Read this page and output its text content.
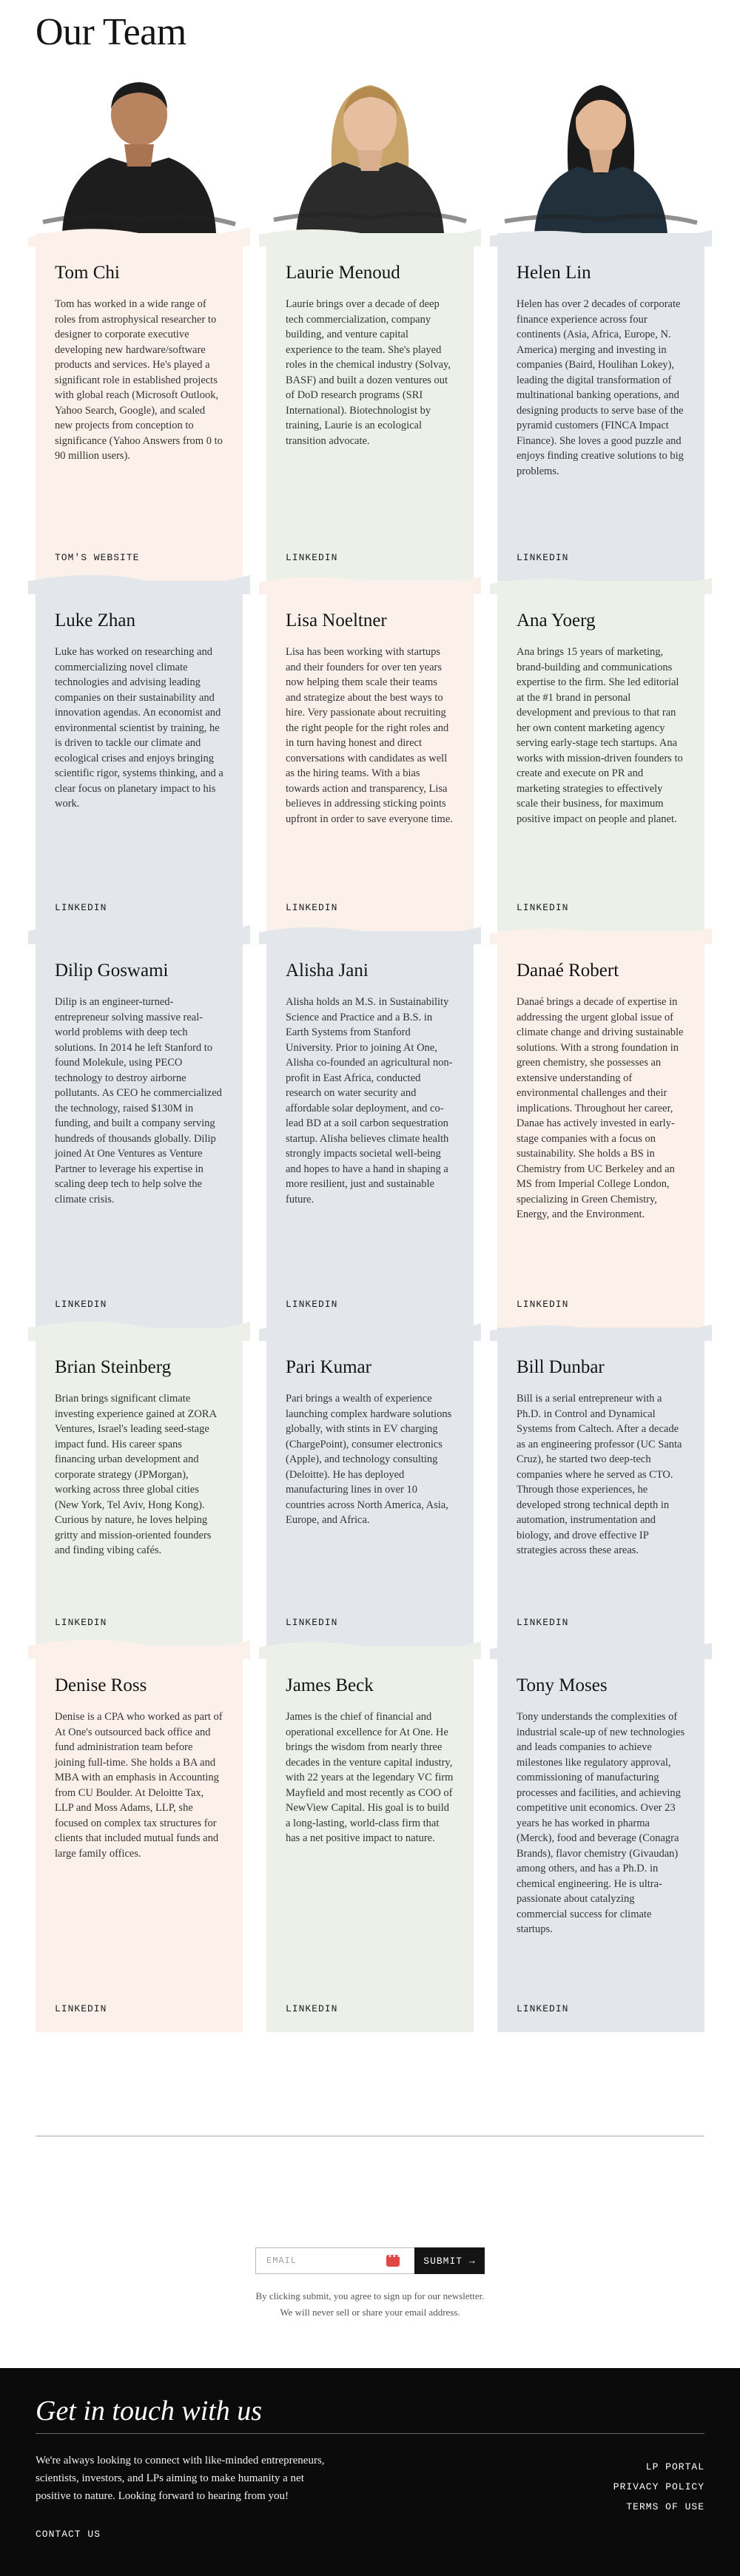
Our Team
Tom Chi
Tom has worked in a wide range of roles from astrophysical researcher to designer to corporate executive developing new hardware/software products and services. He's played a significant role in established projects with global reach (Microsoft Outlook, Yahoo Search, Google), and scaled new projects from conception to significance (Yahoo Answers from 0 to 90 million users).
TOM'S WEBSITE
Laurie Menoud
Laurie brings over a decade of deep tech commercialization, company building, and venture capital experience to the team. She's played roles in the chemical industry (Solvay, BASF) and built a dozen ventures out of DoD research programs (SRI International). Biotechnologist by training, Laurie is an ecological transition advocate.
LINKEDIN
Helen Lin
Helen has over 2 decades of corporate finance experience across four continents (Asia, Africa, Europe, N. America) merging and investing in companies (Baird, Houlihan Lokey), leading the digital transformation of multinational banking operations, and designing products to serve base of the pyramid customers (FINCA Impact Finance). She loves a good puzzle and enjoys finding creative solutions to big problems.
LINKEDIN
Luke Zhan
Luke has worked on researching and commercializing novel climate technologies and advising leading companies on their sustainability and innovation agendas. An economist and environmental scientist by training, he is driven to tackle our climate and ecological crises and enjoys bringing scientific rigor, systems thinking, and a clear focus on planetary impact to his work.
LINKEDIN
Lisa Noeltner
Lisa has been working with startups and their founders for over ten years now helping them scale their teams and strategize about the best ways to hire. Very passionate about recruiting the right people for the right roles and in turn having honest and direct conversations with candidates as well as the hiring teams. With a bias towards action and transparency, Lisa believes in addressing sticking points upfront in order to save everyone time.
LINKEDIN
Ana Yoerg
Ana brings 15 years of marketing, brand-building and communications expertise to the firm. She led editorial at the #1 brand in personal development and previous to that ran her own content marketing agency serving early-stage tech startups. Ana works with mission-driven founders to create and execute on PR and marketing strategies to effectively scale their business, for maximum positive impact on people and planet.
LINKEDIN
Dilip Goswami
Dilip is an engineer-turned-entrepreneur solving massive real-world problems with deep tech solutions. In 2014 he left Stanford to found Molekule, using PECO technology to destroy airborne pollutants. As CEO he commercialized the technology, raised $130M in funding, and built a company serving hundreds of thousands globally. Dilip joined At One Ventures as Venture Partner to leverage his expertise in scaling deep tech to help solve the climate crisis.
LINKEDIN
Alisha Jani
Alisha holds an M.S. in Sustainability Science and Practice and a B.S. in Earth Systems from Stanford University. Prior to joining At One, Alisha co-founded an agricultural non-profit in East Africa, conducted research on water security and affordable solar deployment, and co-lead BD at a soil carbon sequestration startup. Alisha believes climate health strongly impacts societal well-being and hopes to have a hand in shaping a more resilient, just and sustainable future.
LINKEDIN
Danaé Robert
Danaé brings a decade of expertise in addressing the urgent global issue of climate change and driving sustainable solutions. With a strong foundation in green chemistry, she possesses an extensive understanding of environmental challenges and their implications. Throughout her career, Danae has actively invested in early-stage companies with a focus on sustainability. She holds a BS in Chemistry from UC Berkeley and an MS from Imperial College London, specializing in Green Chemistry, Energy, and the Environment.
LINKEDIN
Brian Steinberg
Brian brings significant climate investing experience gained at ZORA Ventures, Israel's leading seed-stage impact fund. His career spans financing urban development and corporate strategy (JPMorgan), working across three global cities (New York, Tel Aviv, Hong Kong). Curious by nature, he loves helping gritty and mission-oriented founders and finding vibing cafés.
LINKEDIN
Pari Kumar
Pari brings a wealth of experience launching complex hardware solutions globally, with stints in EV charging (ChargePoint), consumer electronics (Apple), and technology consulting (Deloitte). He has deployed manufacturing lines in over 10 countries across North America, Asia, Europe, and Africa.
LINKEDIN
Bill Dunbar
Bill is a serial entrepreneur with a Ph.D. in Control and Dynamical Systems from Caltech. After a decade as an engineering professor (UC Santa Cruz), he started two deep-tech companies where he served as CTO. Through those experiences, he developed strong technical depth in automation, instrumentation and biology, and drove effective IP strategies across these areas.
LINKEDIN
Denise Ross
Denise is a CPA who worked as part of At One's outsourced back office and fund administration team before joining full-time. She holds a BA and MBA with an emphasis in Accounting from CU Boulder. At Deloitte Tax, LLP and Moss Adams, LLP, she focused on complex tax structures for clients that included mutual funds and large family offices.
LINKEDIN
James Beck
James is the chief of financial and operational excellence for At One. He brings the wisdom from nearly three decades in the venture capital industry, with 22 years at the legendary VC firm Mayfield and most recently as COO of NewView Capital. His goal is to build a long-lasting, world-class firm that has a net positive impact to nature.
LINKEDIN
Tony Moses
Tony understands the complexities of industrial scale-up of new technologies and leads companies to achieve milestones like regulatory approval, commissioning of manufacturing processes and facilities, and achieving competitive unit economics. Over 23 years he has worked in pharma (Merck), food and beverage (Conagra Brands), flavor chemistry (Givaudan) among others, and has a Ph.D. in chemical engineering. He is ultra-passionate about catalyzing commercial success for climate startups.
LINKEDIN
EMAIL
•••
SUBMIT →
By clicking submit, you agree to sign up for our newsletter.
We will never sell or share your email address.
Get in touch with us
We're always looking to connect with like-minded entrepreneurs, scientists, investors, and LPs aiming to make humanity a net positive to nature. Looking forward to hearing from you!
CONTACT US
LP PORTAL
PRIVACY POLICY
TERMS OF USE
